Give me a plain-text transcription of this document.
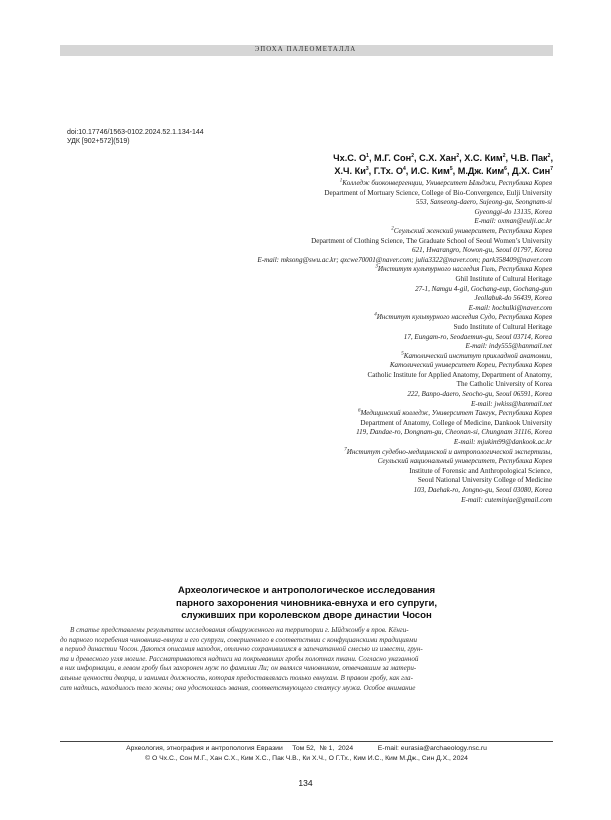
ЭПОХА ПАЛЕОМЕТАЛЛА
doi:10.17746/1563-0102.2024.52.1.134-144
УДК [902+572](519)
Чх.С. $О^1$, М.Г. Сон$^2$, С.Х. Хан$^2$, Х.С. Ким$^2$, Ч.В. Пак$^2$,
Х.Ч. $Ки^3$, Г.Тх. $О^4$, И.С. Ким$^5$, М.Дж. Ким$^6$, Д.Х. Син$^7$
$^1$Колледж биоконвергенции, Университет Ыльджи, Республика Корея
Department of Mortuary Science, College of Bio-Convergence, Eulji University
553, Sanseong-daero, Sujeong-gu, Seongnam-si
Gyeonggi-do 13135, Korea
E-mail: oxman@eulji.ac.kr
$^2$Сеульский женский университет, Республика Корея
Department of Clothing Science, The Graduate School of Seoul Women’s University
621, Hwarangro, Nowon-gu, Seoul 01797, Korea
E-mail: mksong@swu.ac.kr; qxcwe70001@naver.com; julia3322@naver.com; park358409@naver.com
$^3$Институт культурного наследия Гиль, Республика Корея
Ghil Institute of Cultural Heritage
27-1, Namgu 4-gil, Gochang-eup, Gochang-gun
Jeollabuk-do 56439, Korea
E-mail: hochulki@naver.com
$^4$Институт культурного наследия Судо, Республика Корея
Sudo Institute of Cultural Heritage
17, Eungam-ro, Seodaemun-gu, Seoul 03714, Korea
E-mail: indy555@hanmail.net
$^5$Католический институт прикладной анатомии,
Католический университет Кореи, Республика Корея
Catholic Institute for Applied Anatomy, Department of Anatomy,
The Catholic University of Korea
222, Banpo-daero, Seocho-gu, Seoul 06591, Korea
E-mail: jwkiss@hanmail.net
$^6$Медицинский колледж, Университет Тангук, Республика Корея
Department of Anatomy, College of Medicine, Dankook University
119, Dandae-ro, Dongnam-gu, Cheonan-si, Chungnam 31116, Korea
E-mail: mjukim99@dankook.ac.kr
$^7$Институт судебно-медицинской и антропологической экспертизы,
Сеульский национальный университет, Республика Корея
Institute of Forensic and Anthropological Science,
Seoul National University College of Medicine
103, Daehak-ro, Jongno-gu, Seoul 03080, Korea
E-mail: cuteminjae@gmail.com
Археологическое и антропологическое исследования
парного захоронения чиновника-евнуха и его супруги,
служивших при королевском дворе династии Чосон
В статье представлены результаты исследования обнаруженного на территории г. Ыйджонбу в пров. Кёнги-
до парного погребения чиновника-евнуха и его супруги, совершенного в соответствии с конфуцианскими традициями
в период династии Чосон. Даются описания находок, отлично сохранившихся в запечатанной смесью из извести, грун-
та и древесного угля могиле. Рассматриваются надписи на покрывавших гробы полотнах ткани. Согласно указанной
в них информации, в левом гробу был захоронен муж по фамилии Ли; он являлся чиновником, отвечавшим за матери-
альные ценности дворца, и занимал должность, которая предоставлялась только евнухам. В правом гробу, как гла-
сит надпись, находилось тело жены; она удостоилась звания, соответствующего статусу мужа. Особое внимание
Археология, этнография и антропология Евразии Том 52, № 1, 2024	E-mail: eurasia@archaeology.nsc.ru
© О Чх.С., Сон М.Г., Хан С.Х., Ким Х.С., Пак Ч.В., Ки Х.Ч., О Г.Тх., Ким И.С., Ким М.Дж., Син Д.Х., 2024
134
